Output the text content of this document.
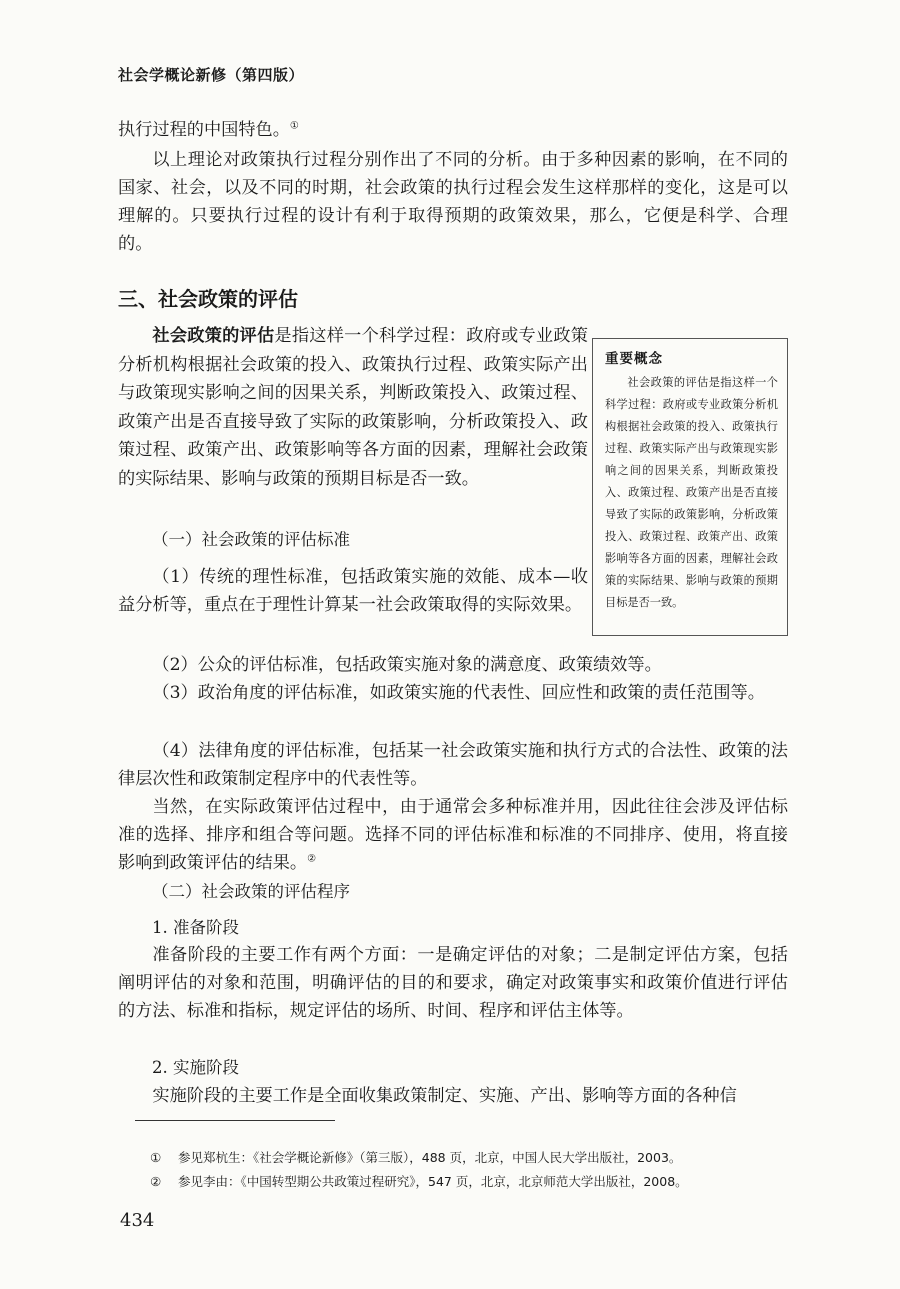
社会学概论新修（第四版）

执行过程的中国特色。①

以上理论对政策执行过程分别作出了不同的分析。由于多种因素的影响，在不同的国家、社会，以及不同的时期，社会政策的执行过程会发生这样那样的变化，这是可以理解的。只要执行过程的设计有利于取得预期的政策效果，那么，它便是科学、合理的。

三、社会政策的评估

社会政策的评估是指这样一个科学过程：政府或专业政策分析机构根据社会政策的投入、政策执行过程、政策实际产出与政策现实影响之间的因果关系，判断政策投入、政策过程、政策产出是否直接导致了实际的政策影响，分析政策投入、政策过程、政策产出、政策影响等各方面的因素，理解社会政策的实际结果、影响与政策的预期目标是否一致。

重要概念

社会政策的评估是指这样一个科学过程：政府或专业政策分析机构根据社会政策的投入、政策执行过程、政策实际产出与政策现实影响之间的因果关系，判断政策投入、政策过程、政策产出是否直接导致了实际的政策影响，分析政策投入、政策过程、政策产出、政策影响等各方面的因素，理解社会政策的实际结果、影响与政策的预期目标是否一致。

（一）社会政策的评估标准

（1）传统的理性标准，包括政策实施的效能、成本—收益分析等，重点在于理性计算某一社会政策取得的实际效果。

（2）公众的评估标准，包括政策实施对象的满意度、政策绩效等。

（3）政治角度的评估标准，如政策实施的代表性、回应性和政策的责任范围等。

（4）法律角度的评估标准，包括某一社会政策实施和执行方式的合法性、政策的法律层次性和政策制定程序中的代表性等。

当然，在实际政策评估过程中，由于通常会多种标准并用，因此往往会涉及评估标准的选择、排序和组合等问题。选择不同的评估标准和标准的不同排序、使用，将直接影响到政策评估的结果。②

（二）社会政策的评估程序
1. 准备阶段

准备阶段的主要工作有两个方面：一是确定评估的对象；二是制定评估方案，包括阐明评估的对象和范围，明确评估的目的和要求，确定对政策事实和政策价值进行评估的方法、标准和指标，规定评估的场所、时间、程序和评估主体等。

2. 实施阶段

实施阶段的主要工作是全面收集政策制定、实施、产出、影响等方面的各种信

① 参见郑杭生：《社会学概论新修》（第三版），488 页，北京，中国人民大学出版社，2003。
② 参见李由：《中国转型期公共政策过程研究》，547 页，北京，北京师范大学出版社，2008。
434
